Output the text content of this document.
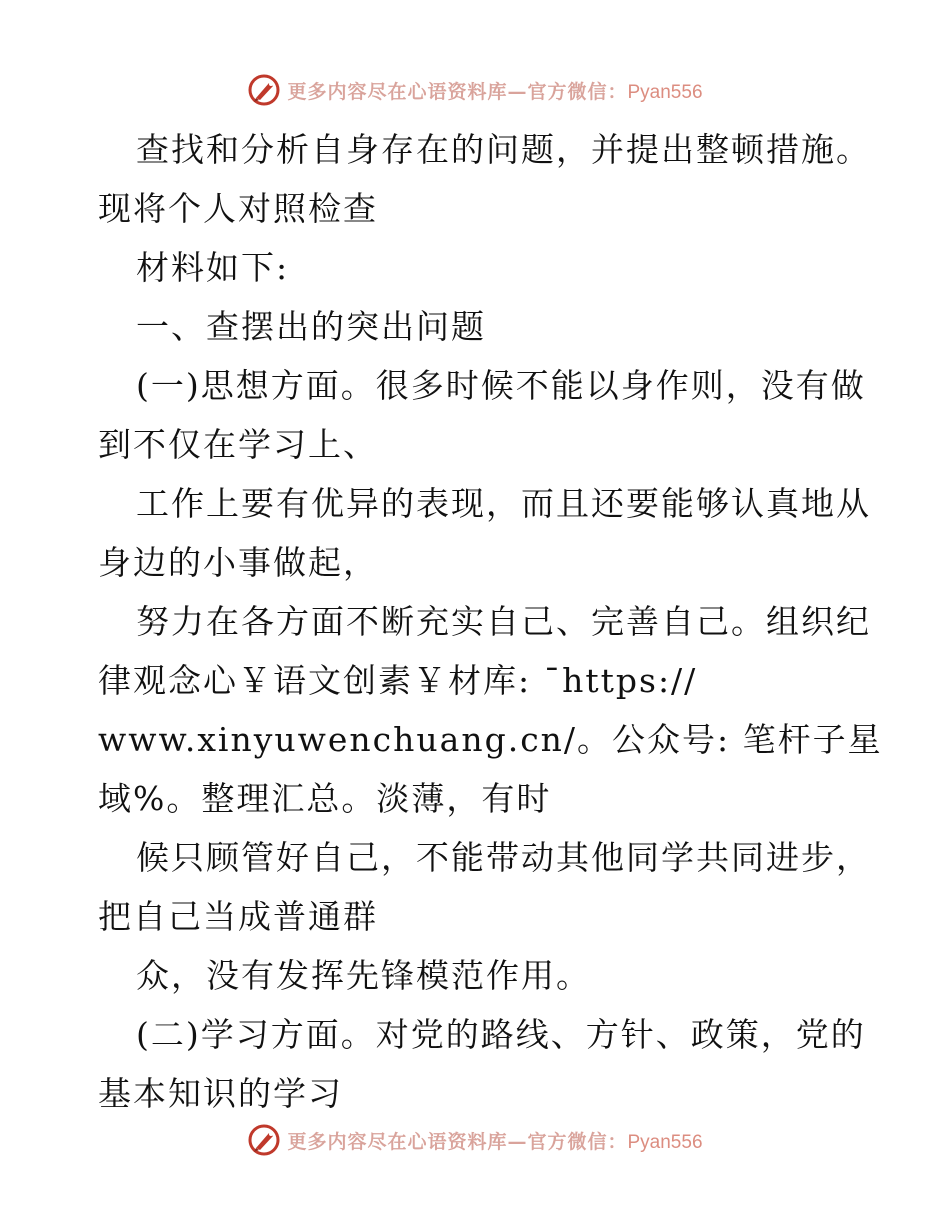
更多内容尽在心语资料库—官方微信：Pyan556
查找和分析自身存在的问题，并提出整顿措施。
现将个人对照检查
材料如下:
一、查摆出的突出问题
(一)思想方面。很多时候不能以身作则，没有做
到不仅在学习上、
工作上要有优异的表现，而且还要能够认真地从
身边的小事做起，
努力在各方面不断充实自己、完善自己。组织纪
律观念心￥语文创素￥材库: ¯https://
www.xinyuwenchuang.cn/。公众号: 笔杆子星
域%。整理汇总。淡薄，有时
候只顾管好自己，不能带动其他同学共同进步，
把自己当成普通群
众，没有发挥先锋模范作用。
(二)学习方面。对党的路线、方针、政策，党的
基本知识的学习
更多内容尽在心语资料库—官方微信：Pyan556
